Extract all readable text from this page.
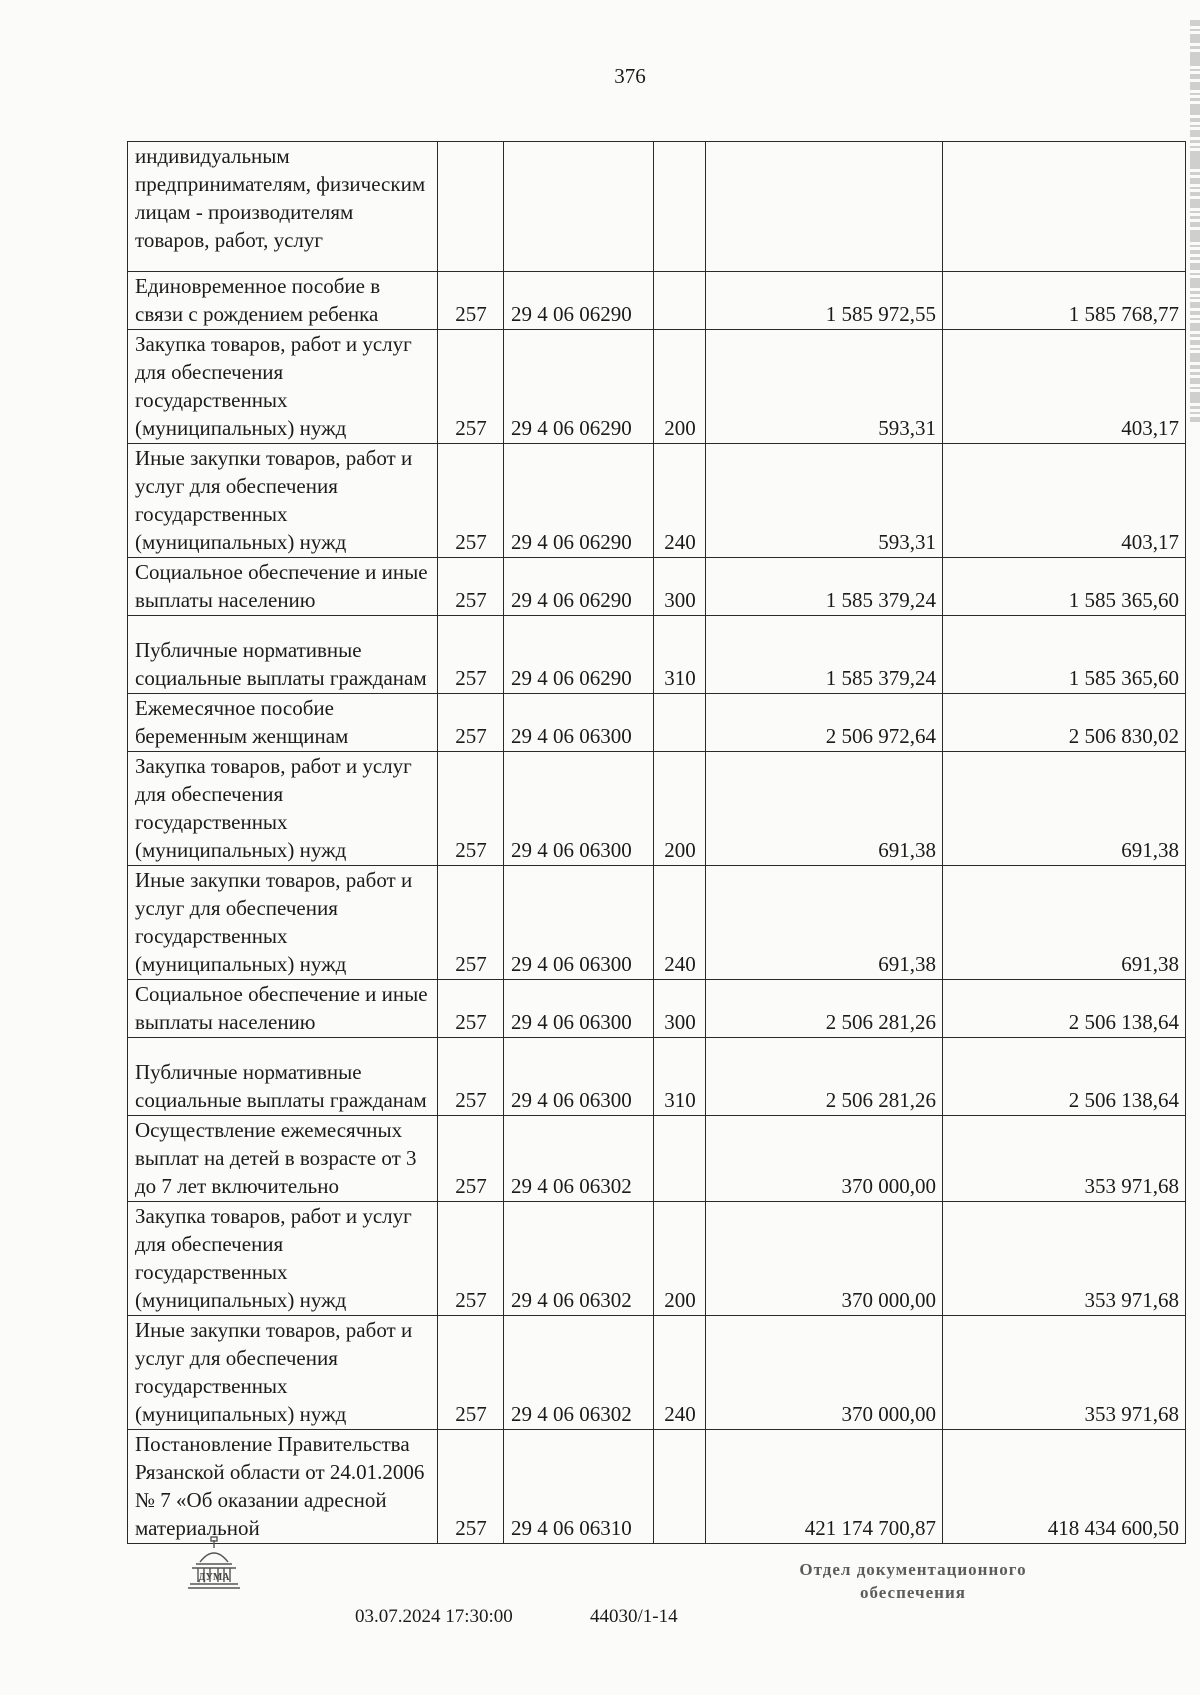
376
индивидуальным предпринимателям, физическим лицам - производителям товаров, работ, услуг					
Единовременное пособие в связи с рождением ребенка	257	29 4 06 06290		1 585 972,55	1 585 768,77
Закупка товаров, работ и услуг для обеспечения государственных (муниципальных) нужд	257	29 4 06 06290	200	593,31	403,17
Иные закупки товаров, работ и услуг для обеспечения государственных (муниципальных) нужд	257	29 4 06 06290	240	593,31	403,17
Социальное обеспечение и иные выплаты населению	257	29 4 06 06290	300	1 585 379,24	1 585 365,60
Публичные нормативные социальные выплаты гражданам	257	29 4 06 06290	310	1 585 379,24	1 585 365,60
Ежемесячное пособие беременным женщинам	257	29 4 06 06300		2 506 972,64	2 506 830,02
Закупка товаров, работ и услуг для обеспечения государственных (муниципальных) нужд	257	29 4 06 06300	200	691,38	691,38
Иные закупки товаров, работ и услуг для обеспечения государственных (муниципальных) нужд	257	29 4 06 06300	240	691,38	691,38
Социальное обеспечение и иные выплаты населению	257	29 4 06 06300	300	2 506 281,26	2 506 138,64
Публичные нормативные социальные выплаты гражданам	257	29 4 06 06300	310	2 506 281,26	2 506 138,64
Осуществление ежемесячных выплат на детей в возрасте от 3 до 7 лет включительно	257	29 4 06 06302		370 000,00	353 971,68
Закупка товаров, работ и услуг для обеспечения государственных (муниципальных) нужд	257	29 4 06 06302	200	370 000,00	353 971,68
Иные закупки товаров, работ и услуг для обеспечения государственных (муниципальных) нужд	257	29 4 06 06302	240	370 000,00	353 971,68
Постановление Правительства Рязанской области от 24.01.2006 № 7 «Об оказании адресной материальной	257	29 4 06 06310		421 174 700,87	418 434 600,50
ДУМА
03.07.2024 17:30:00	44030/1-14
Отдел документационного
обеспечения
